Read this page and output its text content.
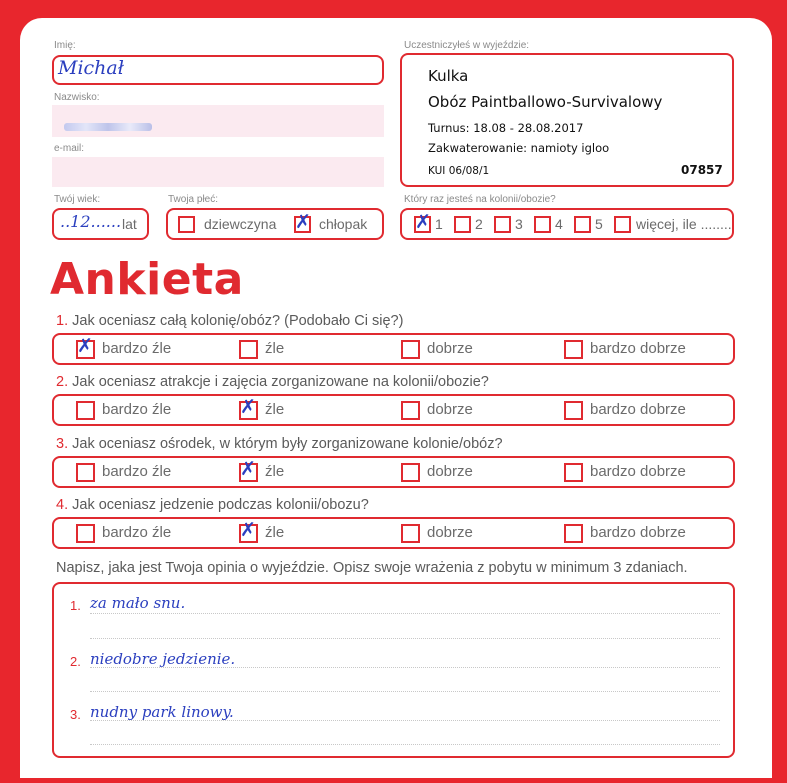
Imię:
Michał
Nazwisko:
e-mail:
Twój wiek:
..12...... lat
Twoja płeć:
dziewczyna ✗ chłopak
Uczestniczyłeś w wyjeździe:
Kulka
Obóz Paintballowo-Survivalowy
Turnus: 18.08 - 28.08.2017
Zakwaterowanie: namioty igloo
KUI 06/08/1	07857
Który raz jesteś na kolonii/obozie?
✗ 1 2 3 4 5 więcej, ile ........
Ankieta
1. Jak oceniasz całą kolonię/obóz? (Podobało Ci się?)
✗ bardzo źle	źle	dobrze	bardzo dobrze
2. Jak oceniasz atrakcje i zajęcia zorganizowane na kolonii/obozie?
bardzo źle	✗ źle	dobrze	bardzo dobrze
3. Jak oceniasz ośrodek, w którym były zorganizowane kolonie/obóz?
bardzo źle	✗ źle	dobrze	bardzo dobrze
4. Jak oceniasz jedzenie podczas kolonii/obozu?
bardzo źle	✗ źle	dobrze	bardzo dobrze
Napisz, jaka jest Twoja opinia o wyjeździe. Opisz swoje wrażenia z pobytu w minimum 3 zdaniach.
1. za mało snu.
2. niedobre jedzienie.
3. nudny park linowy.
